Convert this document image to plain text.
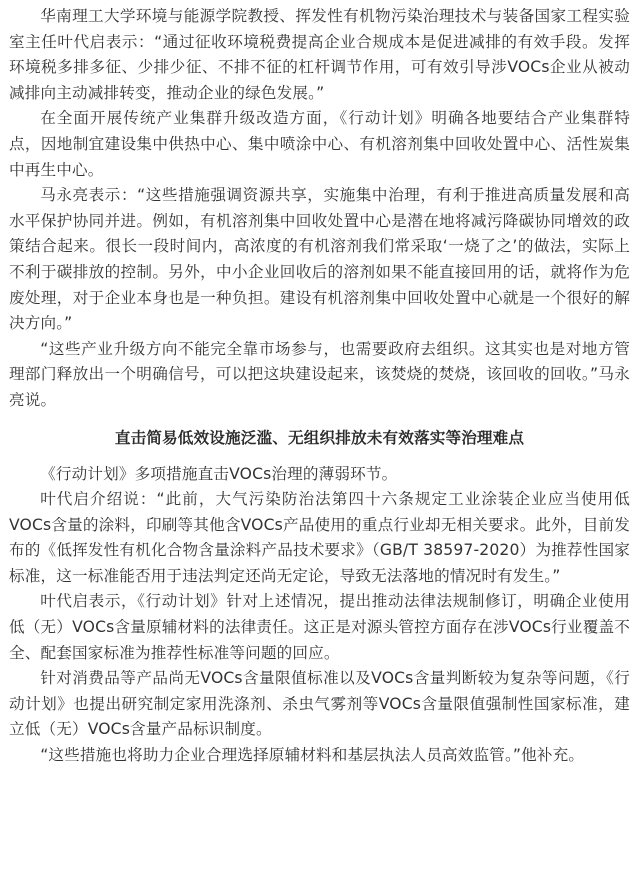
华南理工大学环境与能源学院教授、挥发性有机物污染治理技术与装备国家工程实验室主任叶代启表示：“通过征收环境税费提高企业合规成本是促进减排的有效手段。发挥环境税多排多征、少排少征、不排不征的杠杆调节作用，可有效引导涉VOCs企业从被动减排向主动减排转变，推动企业的绿色发展。”

在全面开展传统产业集群升级改造方面，《行动计划》明确各地要结合产业集群特点，因地制宜建设集中供热中心、集中喷涂中心、有机溶剂集中回收处置中心、活性炭集中再生中心。

马永亮表示：“这些措施强调资源共享，实施集中治理，有利于推进高质量发展和高水平保护协同并进。例如，有机溶剂集中回收处置中心是潜在地将减污降碳协同增效的政策结合起来。很长一段时间内，高浓度的有机溶剂我们常采取‘一烧了之’的做法，实际上不利于碳排放的控制。另外，中小企业回收后的溶剂如果不能直接回用的话，就将作为危废处理，对于企业本身也是一种负担。建设有机溶剂集中回收处置中心就是一个很好的解决方向。”

“这些产业升级方向不能完全靠市场参与，也需要政府去组织。这其实也是对地方管理部门释放出一个明确信号，可以把这块建设起来，该焚烧的焚烧，该回收的回收。”马永亮说。

直击简易低效设施泛滥、无组织排放未有效落实等治理难点

《行动计划》多项措施直击VOCs治理的薄弱环节。

叶代启介绍说：“此前，大气污染防治法第四十六条规定工业涂装企业应当使用低VOCs含量的涂料，印刷等其他含VOCs产品使用的重点行业却无相关要求。此外，目前发布的《低挥发性有机化合物含量涂料产品技术要求》（GB/T 38597-2020）为推荐性国家标准，这一标准能否用于违法判定还尚无定论，导致无法落地的情况时有发生。”

叶代启表示，《行动计划》针对上述情况，提出推动法律法规制修订，明确企业使用低（无）VOCs含量原辅材料的法律责任。这正是对源头管控方面存在涉VOCs行业覆盖不全、配套国家标准为推荐性标准等问题的回应。

针对消费品等产品尚无VOCs含量限值标准以及VOCs含量判断较为复杂等问题，《行动计划》也提出研究制定家用洗涤剂、杀虫气雾剂等VOCs含量限值强制性国家标准，建立低（无）VOCs含量产品标识制度。

“这些措施也将助力企业合理选择原辅材料和基层执法人员高效监管。”他补充。
